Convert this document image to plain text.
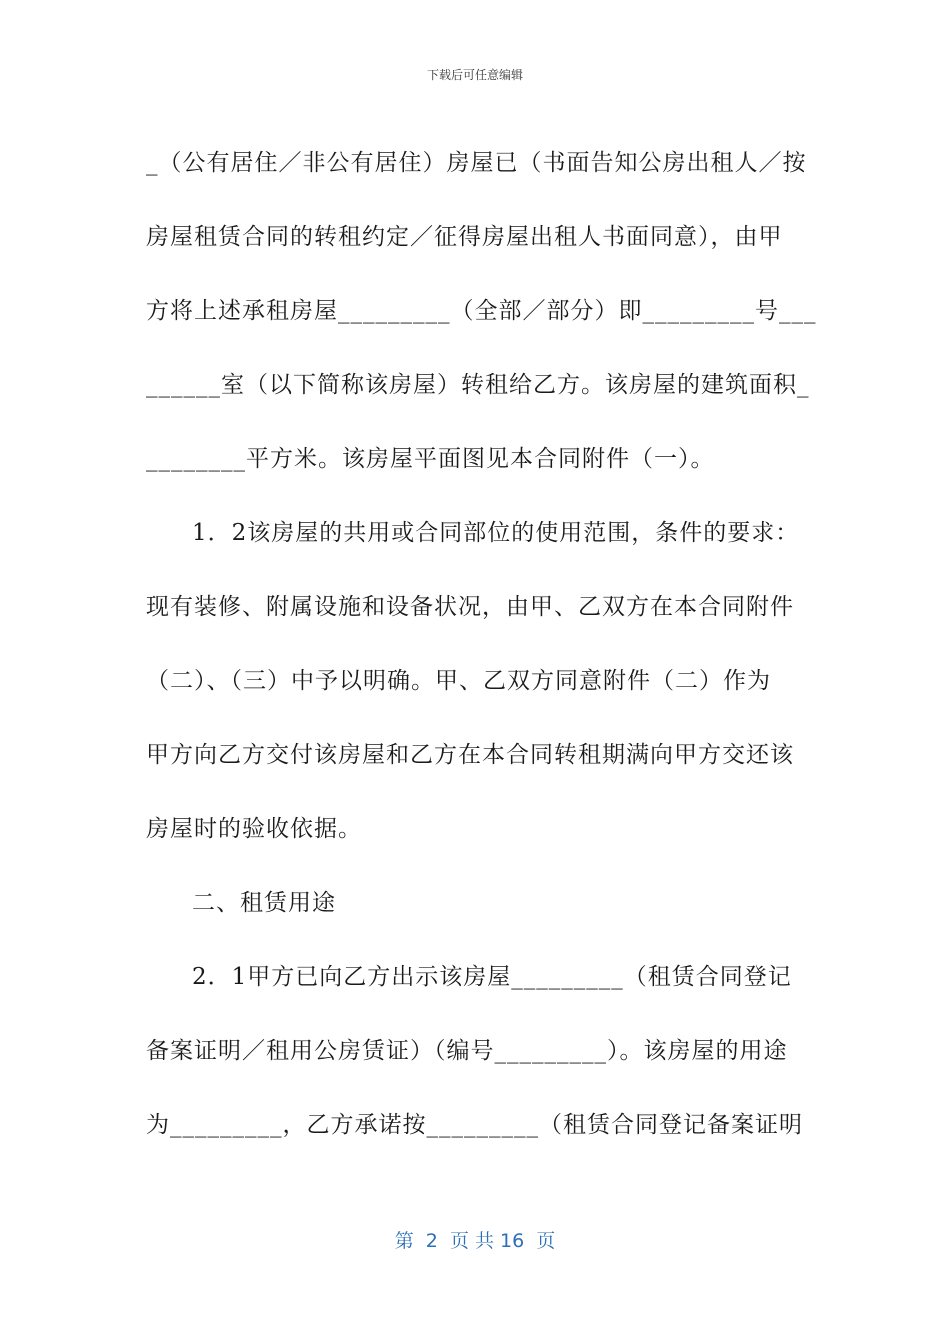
下载后可任意编辑
_（公有居住／非公有居住）房屋已（书面告知公房出租人／按
房屋租赁合同的转租约定／征得房屋出租人书面同意），由甲
方将上述承租房屋_________（全部／部分）即_________号___
______室（以下简称该房屋）转租给乙方。该房屋的建筑面积_
________平方米。该房屋平面图见本合同附件（一）。
1．2该房屋的共用或合同部位的使用范围，条件的要求：
现有装修、附属设施和设备状况，由甲、乙双方在本合同附件
（二）、（三）中予以明确。甲、乙双方同意附件（二）作为
甲方向乙方交付该房屋和乙方在本合同转租期满向甲方交还该
房屋时的验收依据。
二、租赁用途
2．1甲方已向乙方出示该房屋_________（租赁合同登记
备案证明／租用公房赁证）（编号_________）。该房屋的用途
为_________，乙方承诺按_________（租赁合同登记备案证明
第  2  页 共 16  页
